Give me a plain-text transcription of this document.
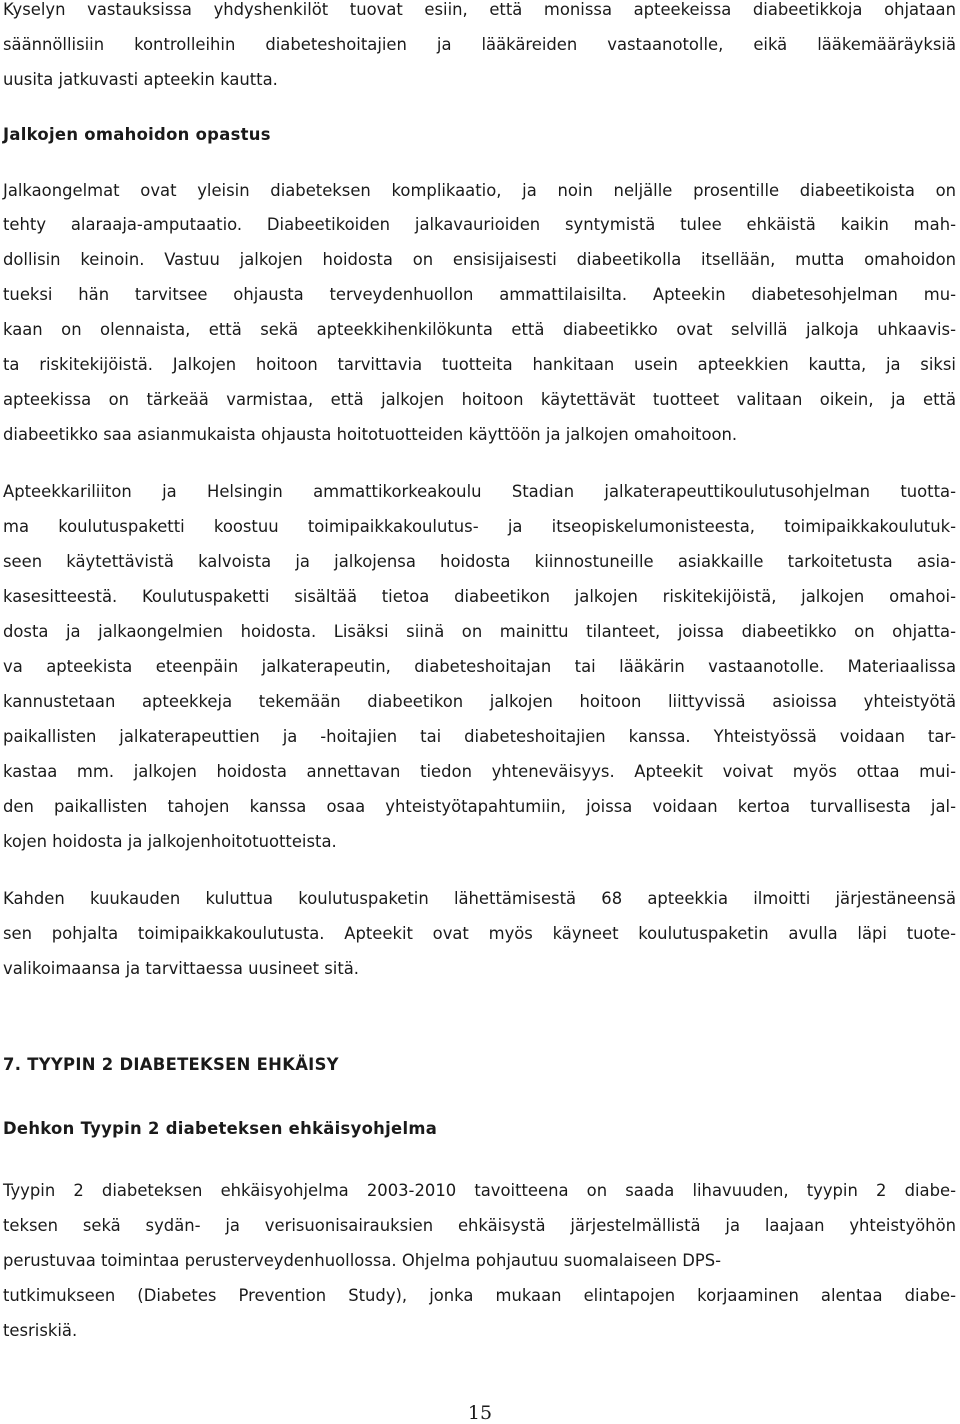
Kyselyn vastauksissa yhdyshenkilöt tuovat esiin, että monissa apteekeissa diabeetikkoja ohjataan

säännöllisiin kontrolleihin diabeteshoitajien ja lääkäreiden vastaanotolle, eikä lääkemääräyksiä

uusita jatkuvasti apteekin kautta.

Jalkojen omahoidon opastus

Jalkaongelmat ovat yleisin diabeteksen komplikaatio, ja noin neljälle prosentille diabeetikoista on

tehty alaraaja-amputaatio. Diabeetikoiden jalkavaurioiden syntymistä tulee ehkäistä kaikin mah-

dollisin keinoin. Vastuu jalkojen hoidosta on ensisijaisesti diabeetikolla itsellään, mutta omahoidon

tueksi hän tarvitsee ohjausta terveydenhuollon ammattilaisilta. Apteekin diabetesohjelman mu-

kaan on olennaista, että sekä apteekkihenkilökunta että diabeetikko ovat selvillä jalkoja uhkaavis-

ta riskitekijöistä. Jalkojen hoitoon tarvittavia tuotteita hankitaan usein apteekkien kautta, ja siksi

apteekissa on tärkeää varmistaa, että jalkojen hoitoon käytettävät tuotteet valitaan oikein, ja että

diabeetikko saa asianmukaista ohjausta hoitotuotteiden käyttöön ja jalkojen omahoitoon.

Apteekkariliiton ja Helsingin ammattikorkeakoulu Stadian jalkaterapeuttikoulutusohjelman tuotta-

ma koulutuspaketti koostuu toimipaikkakoulutus- ja itseopiskelumonisteesta, toimipaikkakoulutuk-

seen käytettävistä kalvoista ja jalkojensa hoidosta kiinnostuneille asiakkaille tarkoitetusta asia-

kasesitteestä. Koulutuspaketti sisältää tietoa diabeetikon jalkojen riskitekijöistä, jalkojen omahoi-

dosta ja jalkaongelmien hoidosta. Lisäksi siinä on mainittu tilanteet, joissa diabeetikko on ohjatta-

va apteekista eteenpäin jalkaterapeutin, diabeteshoitajan tai lääkärin vastaanotolle. Materiaalissa

kannustetaan apteekkeja tekemään diabeetikon jalkojen hoitoon liittyvissä asioissa yhteistyötä

paikallisten jalkaterapeuttien ja -hoitajien tai diabeteshoitajien kanssa. Yhteistyössä voidaan tar-

kastaa mm. jalkojen hoidosta annettavan tiedon yhteneväisyys. Apteekit voivat myös ottaa mui-

den paikallisten tahojen kanssa osaa yhteistyötapahtumiin, joissa voidaan kertoa turvallisesta jal-

kojen hoidosta ja jalkojenhoitotuotteista.

Kahden kuukauden kuluttua koulutuspaketin lähettämisestä 68 apteekkia ilmoitti järjestäneensä

sen pohjalta toimipaikkakoulutusta. Apteekit ovat myös käyneet koulutuspaketin avulla läpi tuote-

valikoimaansa ja tarvittaessa uusineet sitä.

7. TYYPIN 2 DIABETEKSEN EHKÄISY

Dehkon Tyypin 2 diabeteksen ehkäisyohjelma

Tyypin 2 diabeteksen ehkäisyohjelma 2003-2010 tavoitteena on saada lihavuuden, tyypin 2 diabe-

teksen sekä sydän- ja verisuonisairauksien ehkäisystä järjestelmällistä ja laajaan yhteistyöhön

perustuvaa toimintaa perusterveydenhuollossa. Ohjelma pohjautuu suomalaiseen DPS-

tutkimukseen (Diabetes Prevention Study), jonka mukaan elintapojen korjaaminen alentaa diabe-

tesriskiä.

15
